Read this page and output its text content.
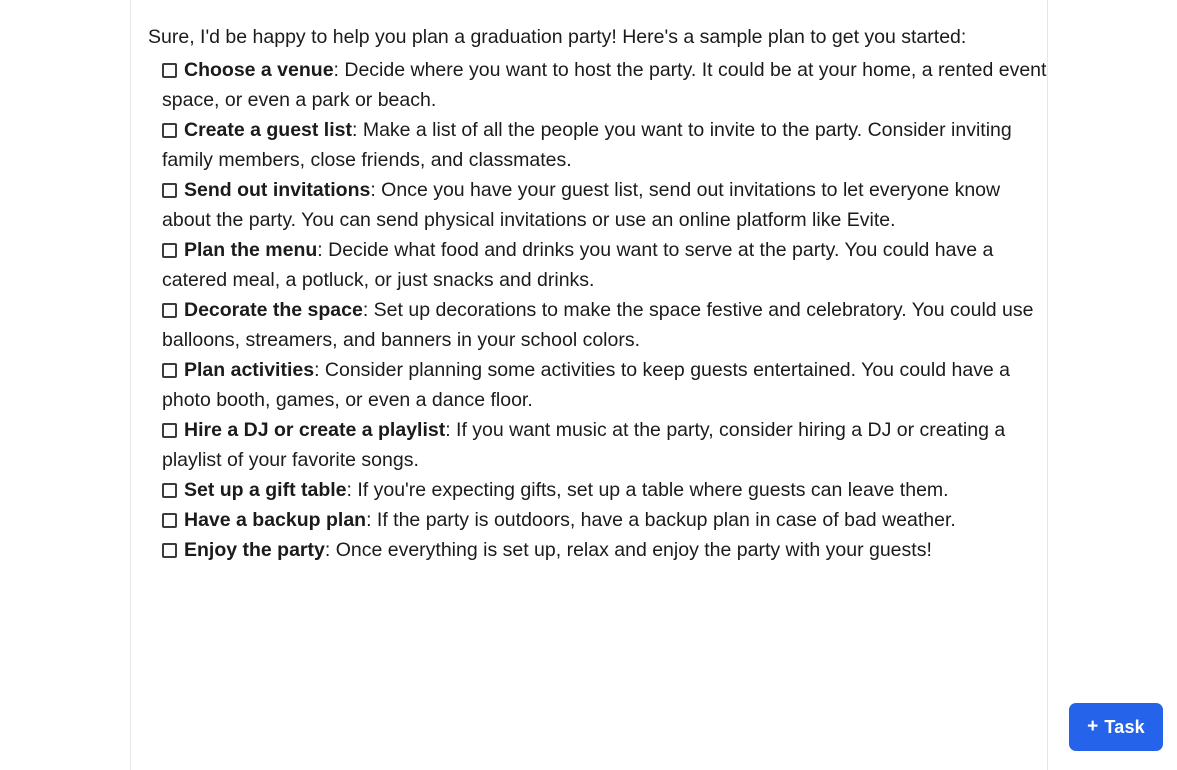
Sure, I'd be happy to help you plan a graduation party! Here's a sample plan to get you started:

Choose a venue: Decide where you want to host the party. It could be at your home, a rented event space, or even a park or beach.
Create a guest list: Make a list of all the people you want to invite to the party. Consider inviting family members, close friends, and classmates.
Send out invitations: Once you have your guest list, send out invitations to let everyone know about the party. You can send physical invitations or use an online platform like Evite.
Plan the menu: Decide what food and drinks you want to serve at the party. You could have a catered meal, a potluck, or just snacks and drinks.
Decorate the space: Set up decorations to make the space festive and celebratory. You could use balloons, streamers, and banners in your school colors.
Plan activities: Consider planning some activities to keep guests entertained. You could have a photo booth, games, or even a dance floor.
Hire a DJ or create a playlist: If you want music at the party, consider hiring a DJ or creating a playlist of your favorite songs.
Set up a gift table: If you're expecting gifts, set up a table where guests can leave them.
Have a backup plan: If the party is outdoors, have a backup plan in case of bad weather.
Enjoy the party: Once everything is set up, relax and enjoy the party with your guests!
+ Task
